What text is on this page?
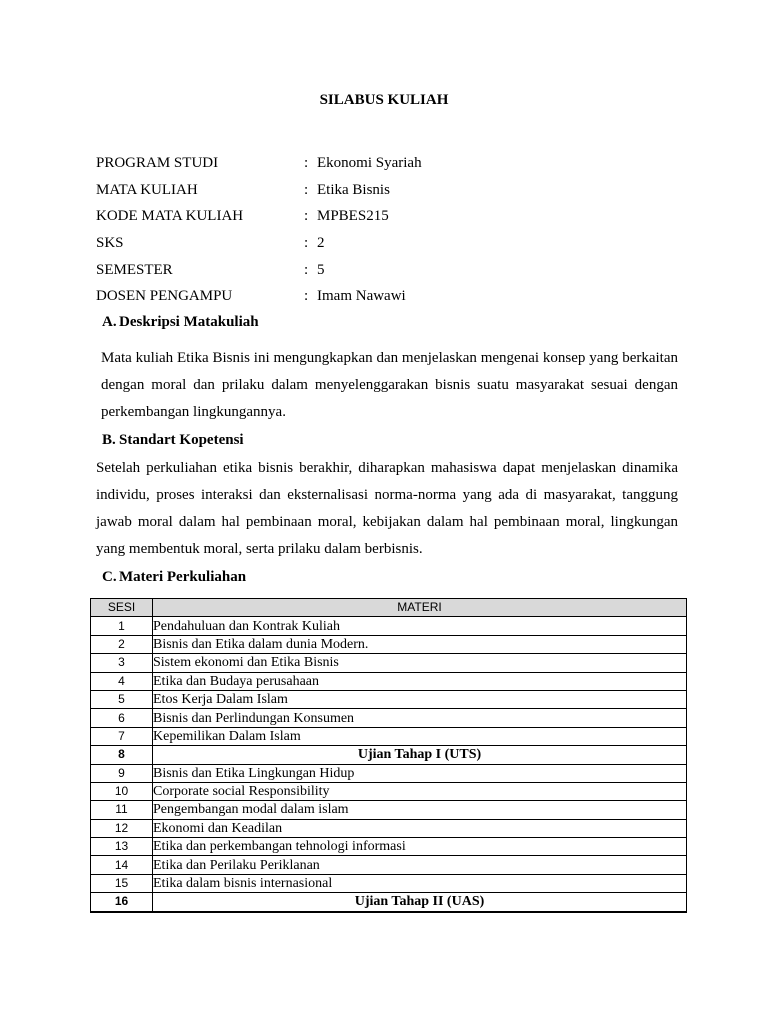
SILABUS KULIAH
PROGRAM STUDI	: Ekonomi Syariah
MATA KULIAH	: Etika Bisnis
KODE MATA KULIAH	: MPBES215
SKS	: 2
SEMESTER	: 5
DOSEN PENGAMPU	: Imam Nawawi
A. Deskripsi Matakuliah
Mata kuliah Etika Bisnis ini mengungkapkan dan menjelaskan mengenai konsep yang berkaitan dengan moral dan prilaku dalam menyelenggarakan bisnis suatu masyarakat sesuai dengan perkembangan lingkungannya.
B. Standart Kopetensi
Setelah perkuliahan etika bisnis berakhir, diharapkan mahasiswa dapat menjelaskan dinamika individu, proses interaksi dan eksternalisasi norma-norma yang ada di masyarakat, tanggung jawab moral dalam hal pembinaan moral, kebijakan dalam hal pembinaan moral, lingkungan yang membentuk moral, serta prilaku dalam berbisnis.
C. Materi Perkuliahan
SESI	MATERI
1	Pendahuluan dan Kontrak Kuliah
2	Bisnis dan Etika dalam dunia Modern.
3	Sistem ekonomi dan Etika Bisnis
4	Etika dan Budaya perusahaan
5	Etos Kerja Dalam Islam
6	Bisnis dan Perlindungan Konsumen
7	Kepemilikan Dalam Islam
8	Ujian Tahap I (UTS)
9	Bisnis dan Etika Lingkungan Hidup
10	Corporate social Responsibility
11	Pengembangan modal dalam islam
12	Ekonomi dan Keadilan
13	Etika dan perkembangan tehnologi informasi
14	Etika dan Perilaku Periklanan
15	Etika dalam bisnis internasional
16	Ujian Tahap II (UAS)
